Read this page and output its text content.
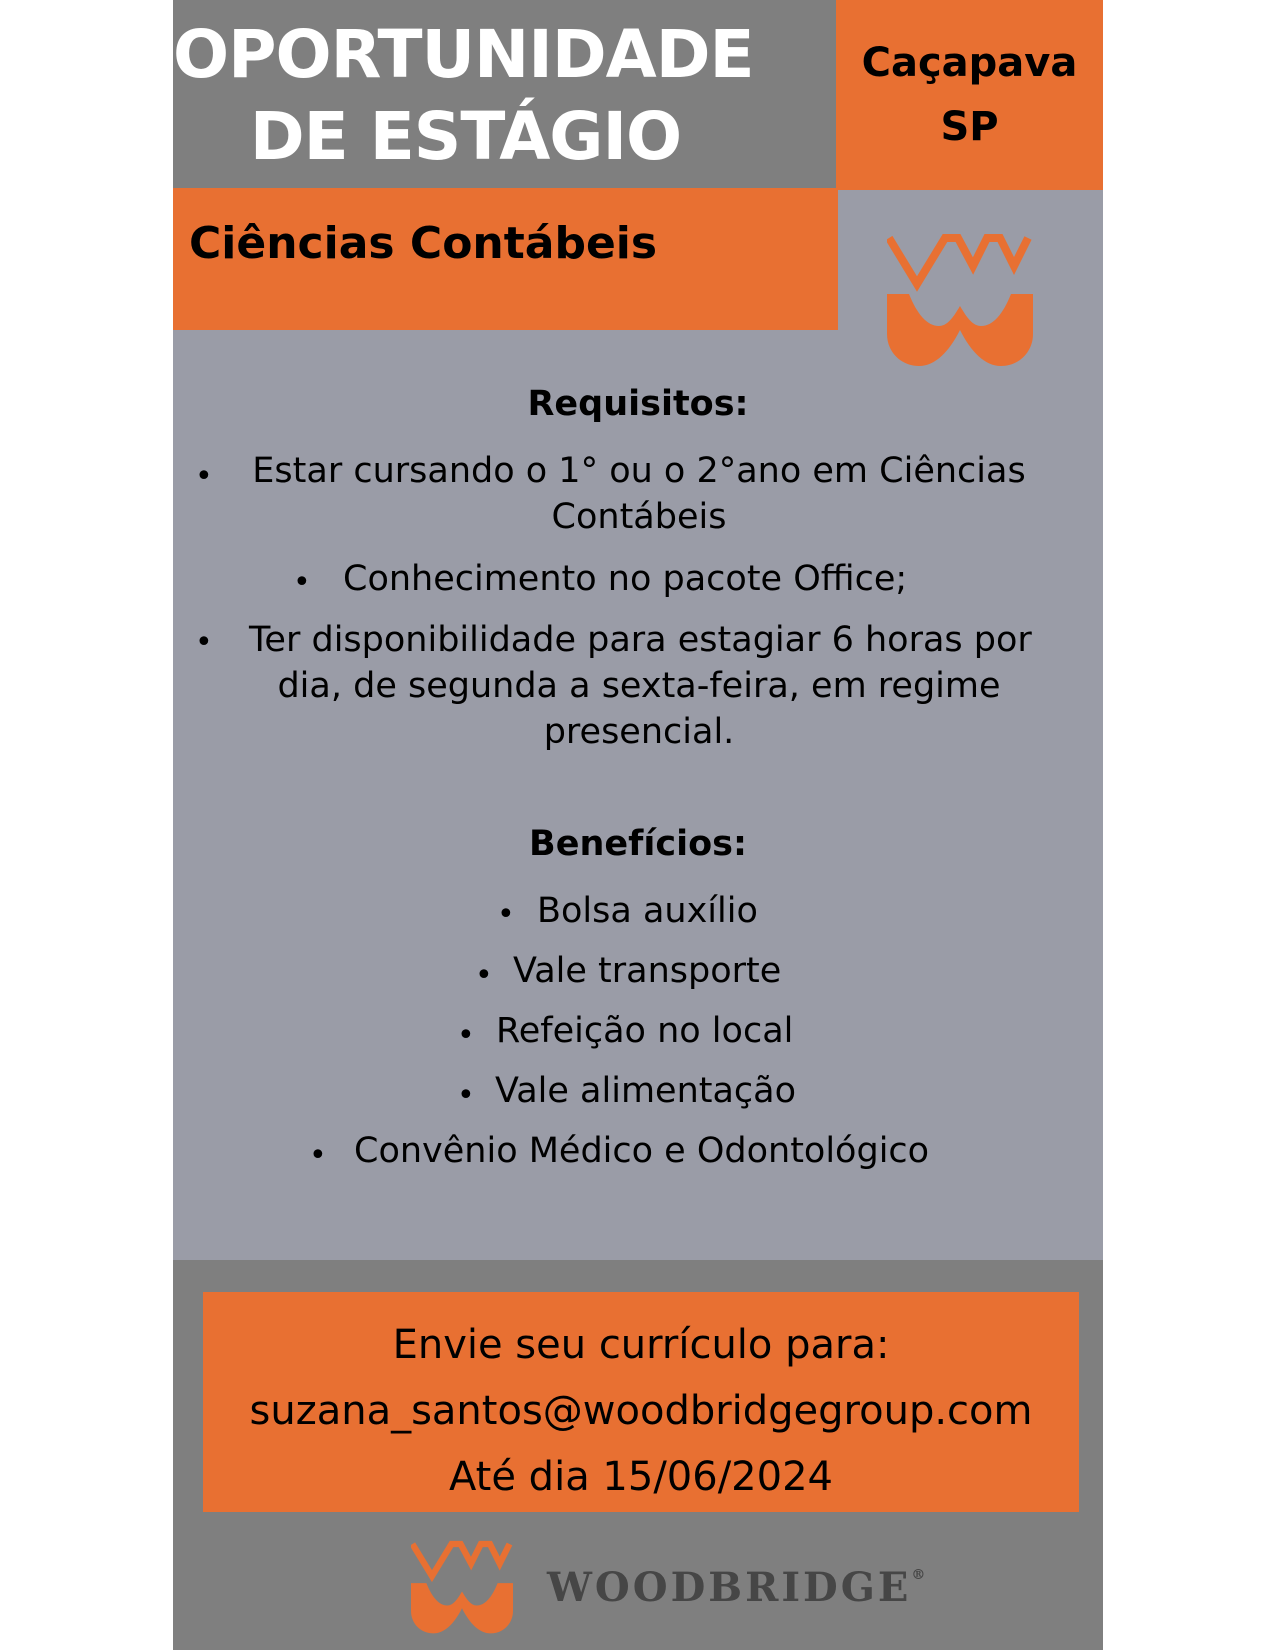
OPORTUNIDADE
DE ESTÁGIO
Caçapava
SP
Ciências Contábeis
Requisitos:
• Estar cursando o 1° ou o 2°ano em Ciências
Contábeis
• Conhecimento no pacote Office;
• Ter disponibilidade para estagiar 6 horas por
dia, de segunda a sexta-feira, em regime
presencial.
Benefícios:
• Bolsa auxílio
• Vale transporte
• Refeição no local
• Vale alimentação
• Convênio Médico e Odontológico
Envie seu currículo para:
suzana_santos@woodbridgegroup.com
Até dia 15/06/2024
WOODBRIDGE®
